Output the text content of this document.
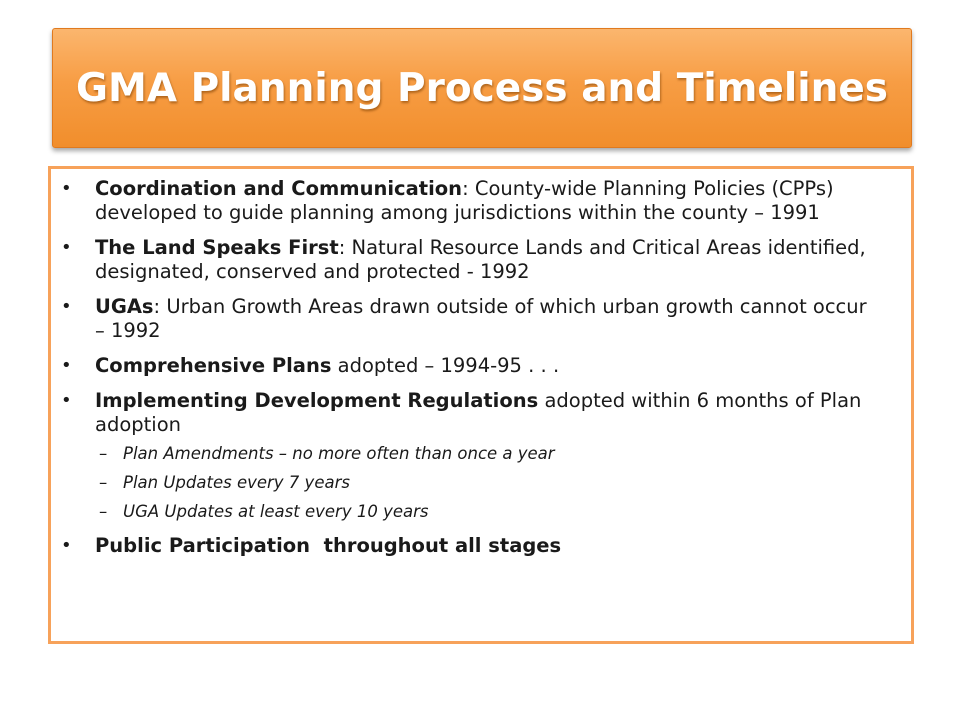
GMA Planning Process and Timelines
• Coordination and Communication: County-wide Planning Policies (CPPs) developed to guide planning among jurisdictions within the county – 1991
• The Land Speaks First: Natural Resource Lands and Critical Areas identified, designated, conserved and protected - 1992
• UGAs: Urban Growth Areas drawn outside of which urban growth cannot occur – 1992
• Comprehensive Plans adopted – 1994-95 . . .
• Implementing Development Regulations adopted within 6 months of Plan adoption
– Plan Amendments – no more often than once a year
– Plan Updates every 7 years
– UGA Updates at least every 10 years
• Public Participation  throughout all stages
